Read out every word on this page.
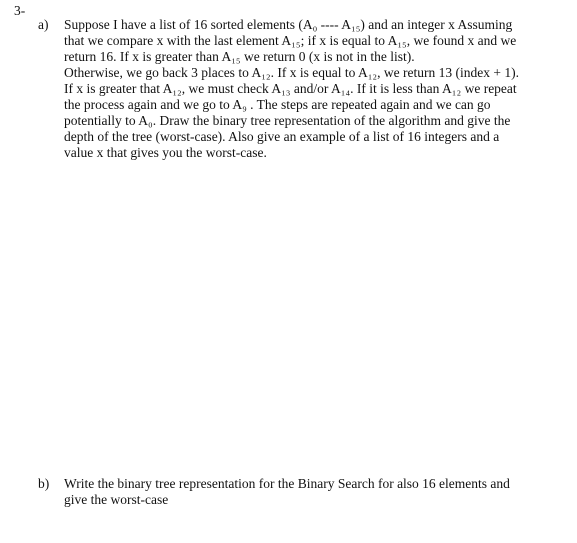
3-
a)	Suppose I have a list of 16 sorted elements (A₀ ---- A₁₅) and an integer x Assuming
that we compare x with the last element A₁₅; if x is equal to A₁₅, we found x and we
return 16. If x is greater than A₁₅ we return 0 (x is not in the list).
Otherwise, we go back 3 places to A₁₂. If x is equal to A₁₂, we return 13 (index + 1).
If x is greater that A₁₂, we must check A₁₃ and/or A₁₄. If it is less than A₁₂ we repeat
the process again and we go to A₉ . The steps are repeated again and we can go
potentially to A₀. Draw the binary tree representation of the algorithm and give the
depth of the tree (worst-case). Also give an example of a list of 16 integers and a
value x that gives you the worst-case.
b)	Write the binary tree representation for the Binary Search for also 16 elements and
give the worst-case
